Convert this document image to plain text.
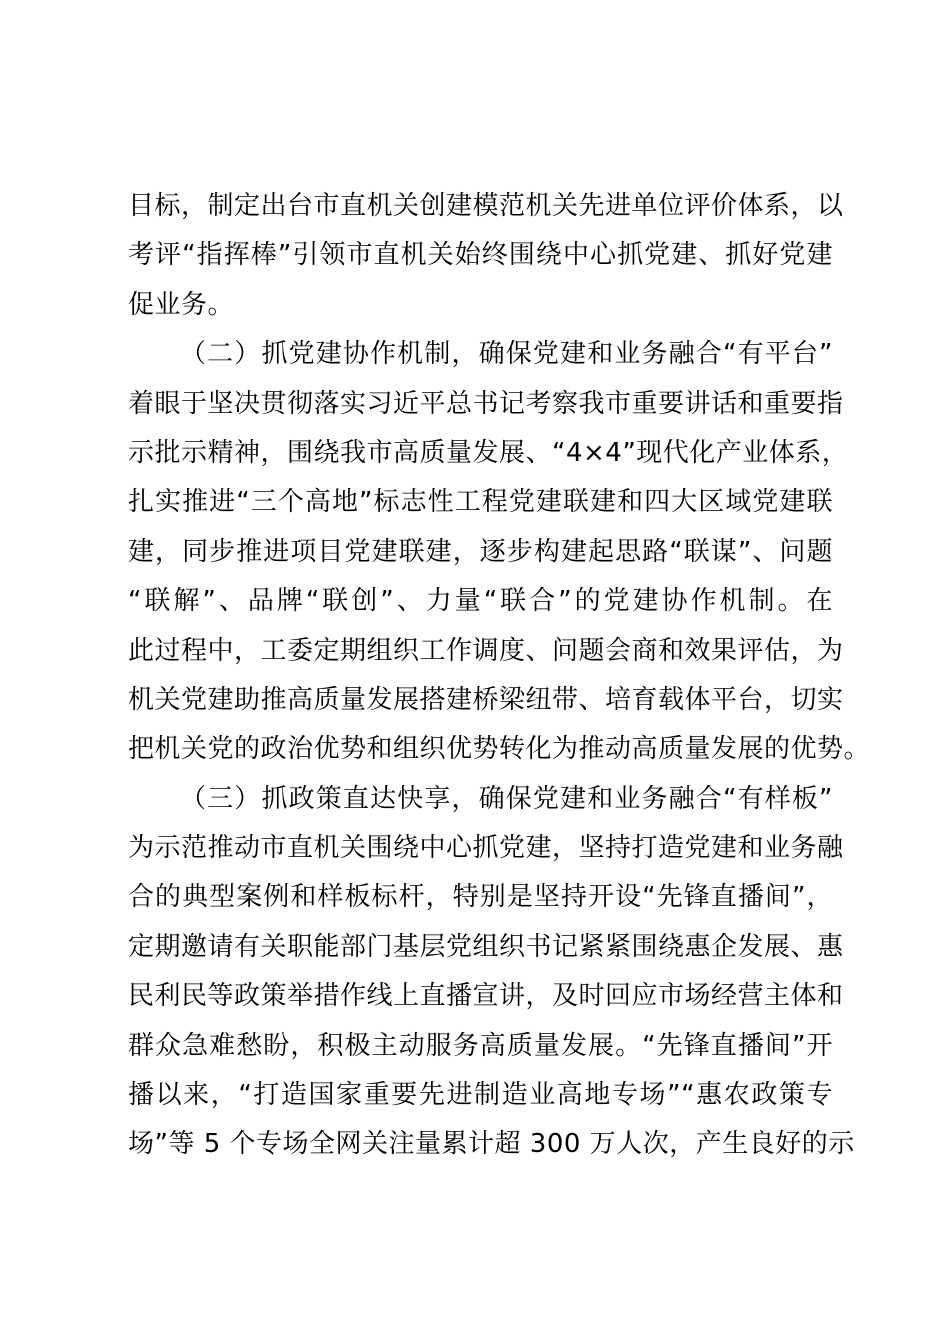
目标，制定出台市直机关创建模范机关先进单位评价体系，以
考评“指挥棒”引领市直机关始终围绕中心抓党建、抓好党建
促业务。
（二）抓党建协作机制，确保党建和业务融合“有平台”
着眼于坚决贯彻落实习近平总书记考察我市重要讲话和重要指
示批示精神，围绕我市高质量发展、“4×4”现代化产业体系，
扎实推进“三个高地”标志性工程党建联建和四大区域党建联
建，同步推进项目党建联建，逐步构建起思路“联谋”、问题
“联解”、品牌“联创”、力量“联合”的党建协作机制。在
此过程中，工委定期组织工作调度、问题会商和效果评估，为
机关党建助推高质量发展搭建桥梁纽带、培育载体平台，切实
把机关党的政治优势和组织优势转化为推动高质量发展的优势。
（三）抓政策直达快享，确保党建和业务融合“有样板”
为示范推动市直机关围绕中心抓党建，坚持打造党建和业务融
合的典型案例和样板标杆，特别是坚持开设“先锋直播间”，
定期邀请有关职能部门基层党组织书记紧紧围绕惠企发展、惠
民利民等政策举措作线上直播宣讲，及时回应市场经营主体和
群众急难愁盼，积极主动服务高质量发展。“先锋直播间”开
播以来，“打造国家重要先进制造业高地专场”“惠农政策专
场”等 5 个专场全网关注量累计超 300 万人次，产生良好的示
